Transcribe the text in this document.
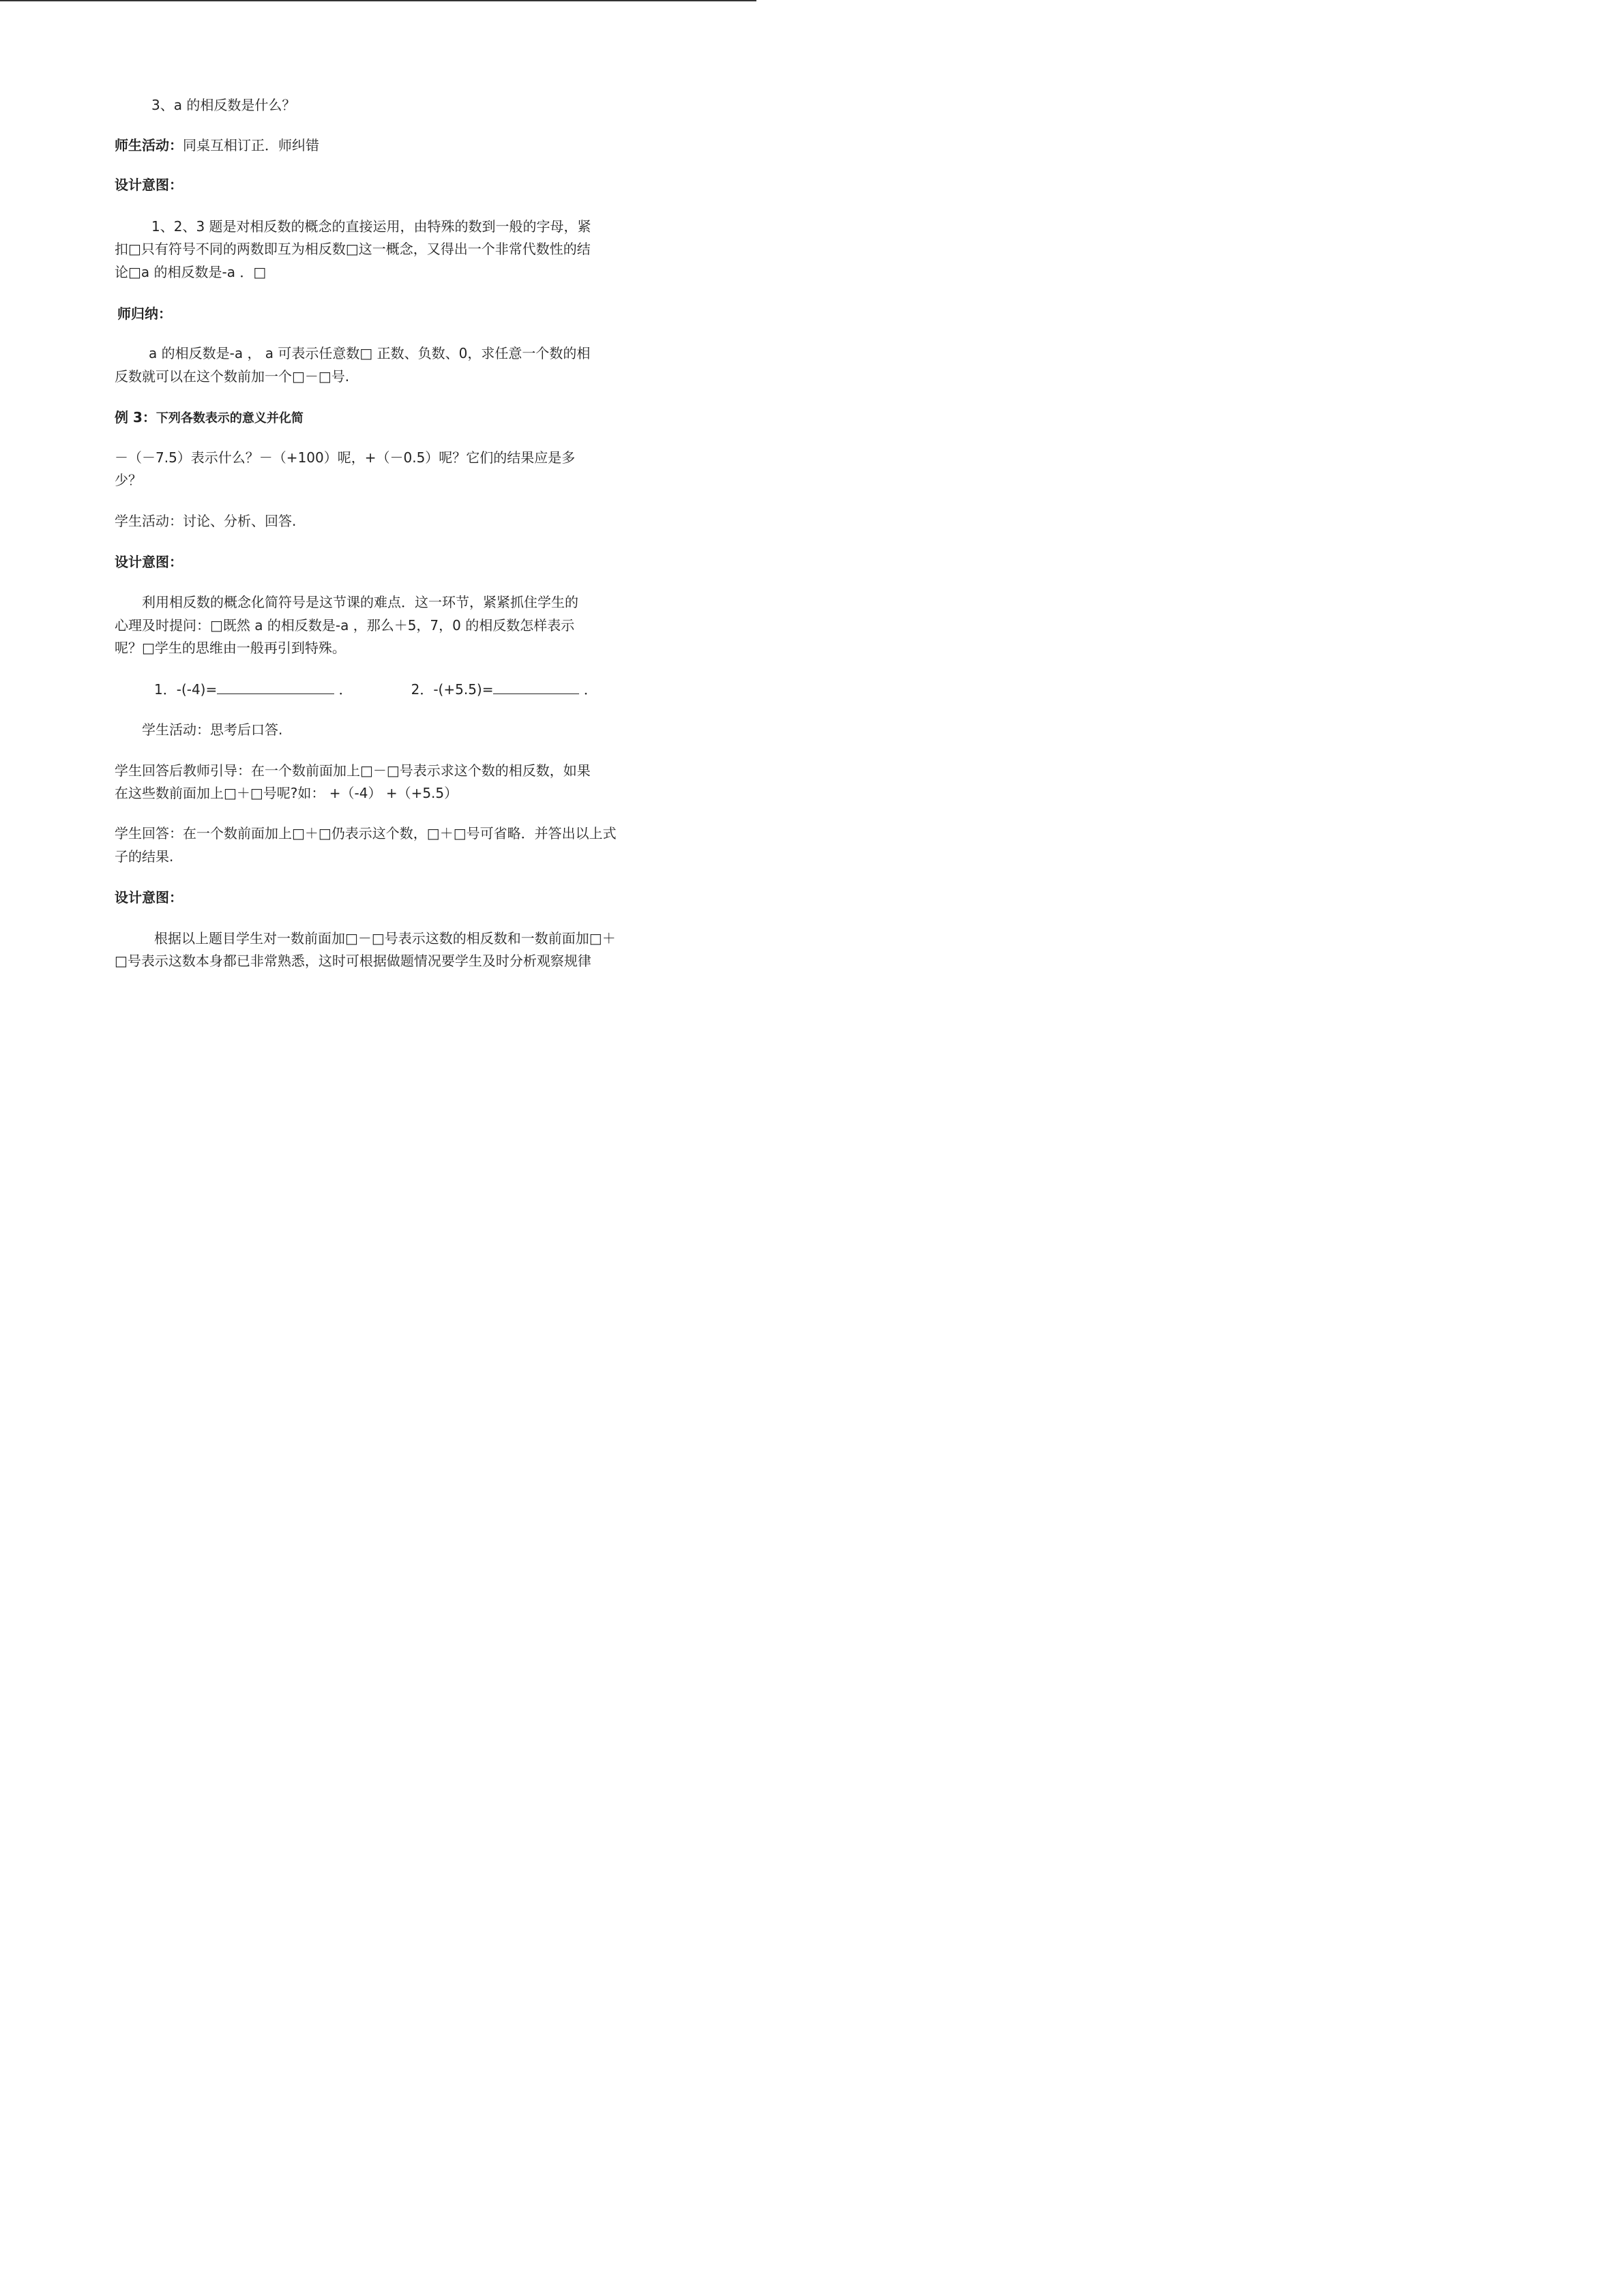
3、a 的相反数是什么？
师生活动：同桌互相订正．师纠错
设计意图：
1、2、3 题是对相反数的概念的直接运用，由特殊的数到一般的字母，紧
扣□只有符号不同的两数即互为相反数□这一概念，又得出一个非常代数性的结
论□a 的相反数是-a ．□
师归纳：
a 的相反数是-a ， a 可表示任意数□ 正数、负数、0，求任意一个数的相
反数就可以在这个数前加一个□－□号.
例 3：下列各数表示的意义并化简
－（－7.5）表示什么？－（+100）呢，+（－0.5）呢？它们的结果应是多
少？
学生活动：讨论、分析、回答.
设计意图：
利用相反数的概念化简符号是这节课的难点．这一环节，紧紧抓住学生的
心理及时提问：□既然 a 的相反数是-a ，那么＋5，7，0 的相反数怎样表示
呢？□学生的思维由一般再引到特殊。
1．-(-4)=	．	2．-(+5.5)=	．
学生活动：思考后口答.
学生回答后教师引导：在一个数前面加上□－□号表示求这个数的相反数，如果
在这些数前面加上□＋□号呢?如： +（-4） +（+5.5）
学生回答：在一个数前面加上□＋□仍表示这个数，□＋□号可省略．并答出以上式
子的结果.
设计意图：
根据以上题目学生对一数前面加□－□号表示这数的相反数和一数前面加□＋
□号表示这数本身都已非常熟悉，这时可根据做题情况要学生及时分析观察规律
